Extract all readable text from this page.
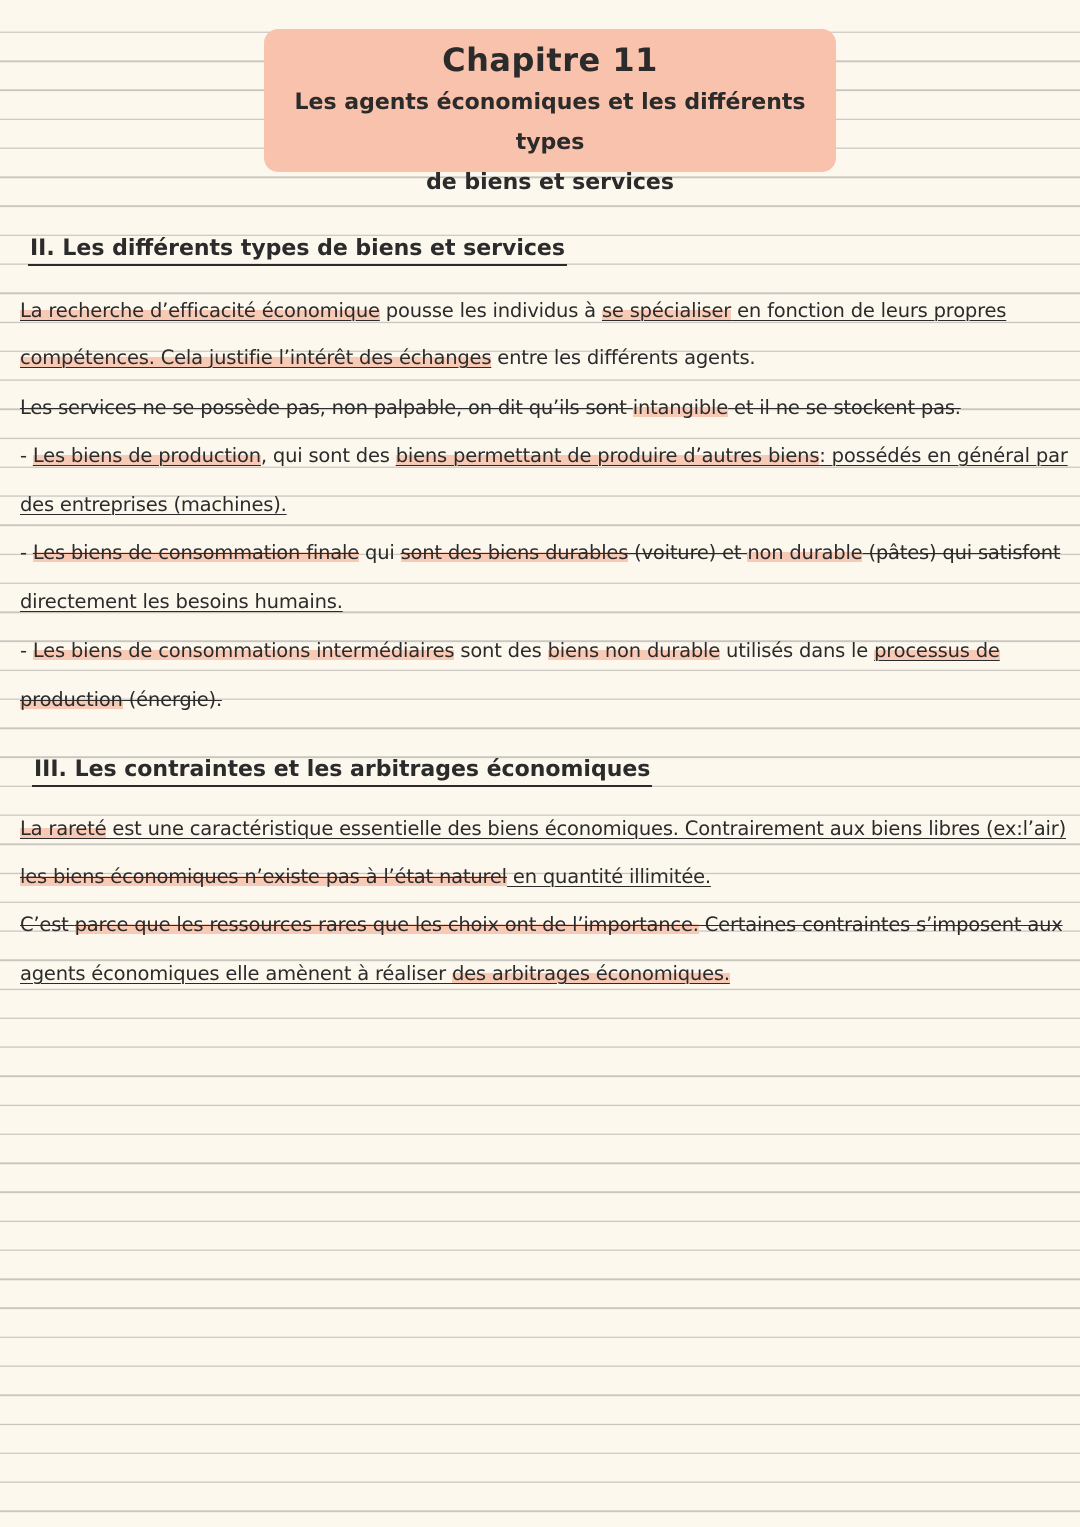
Chapitre 11
Les agents économiques et les différents types
de biens et services
II. Les différents types de biens et services
La recherche d’efficacité économique pousse les individus à se spécialiser en fonction de leurs propres
compétences. Cela justifie l’intérêt des échanges entre les différents agents.
Les services ne se possède pas, non palpable, on dit qu’ils sont intangible et il ne se stockent pas.
- Les biens de production, qui sont des biens permettant de produire d’autres biens: possédés en général par
des entreprises (machines).
- Les biens de consommation finale qui sont des biens durables (voiture) et non durable (pâtes) qui satisfont
directement les besoins humains.
- Les biens de consommations intermédiaires sont des biens non durable utilisés dans le processus de
production (énergie).
III. Les contraintes et les arbitrages économiques
La rareté est une caractéristique essentielle des biens économiques. Contrairement aux biens libres (ex:l’air)
les biens économiques n’existe pas à l’état naturel en quantité illimitée.
C’est parce que les ressources rares que les choix ont de l’importance. Certaines contraintes s’imposent aux
agents économiques elle amènent à réaliser des arbitrages économiques.
